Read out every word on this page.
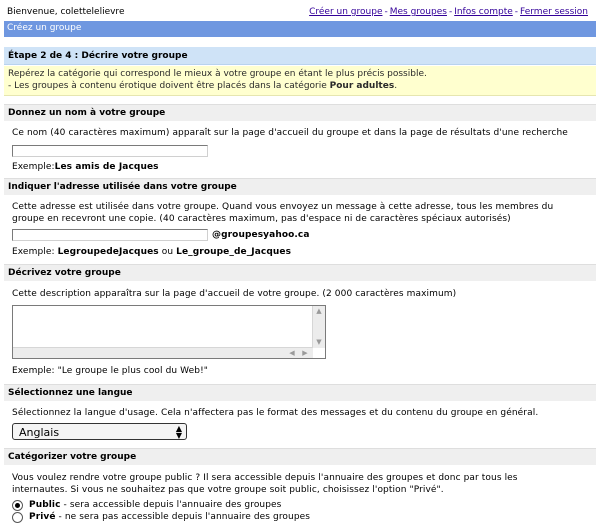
Bienvenue, colettelelievre	Créer un groupe - Mes groupes - Infos compte - Fermer session
Créez un groupe
Étape 2 de 4 : Décrire votre groupe

Repérez la catégorie qui correspond le mieux à votre groupe en étant le plus précis possible.

- Les groupes à contenu érotique doivent être placés dans la catégorie Pour adultes.

Donnez un nom à votre groupe
Ce nom (40 caractères maximum) apparaît sur la page d'accueil du groupe et dans la page de résultats d'une recherche
Exemple:Les amis de Jacques
Indiquer l'adresse utilisée dans votre groupe
Cette adresse est utilisée dans votre groupe. Quand vous envoyez un message à cette adresse, tous les membres du
groupe en recevront une copie. (40 caractères maximum, pas d'espace ni de caractères spéciaux autorisés)
@groupesyahoo.ca
Exemple: LegroupedeJacques ou Le_groupe_de_Jacques
Décrivez votre groupe
Cette description apparaîtra sur la page d'accueil de votre groupe. (2 000 caractères maximum)
▲
▼
◀	▶
Exemple: "Le groupe le plus cool du Web!"
Sélectionnez une langue
Sélectionnez la langue d'usage. Cela n'affectera pas le format des messages et du contenu du groupe en général.
Anglais	▲
▼
Catégorizer votre groupe
Vous voulez rendre votre groupe public ? Il sera accessible depuis l'annuaire des groupes et donc par tous les
internautes. Si vous ne souhaitez pas que votre groupe soit public, choisissez l'option "Privé".
Public - sera accessible depuis l'annuaire des groupes
Privé - ne sera pas accessible depuis l'annuaire des groupes
